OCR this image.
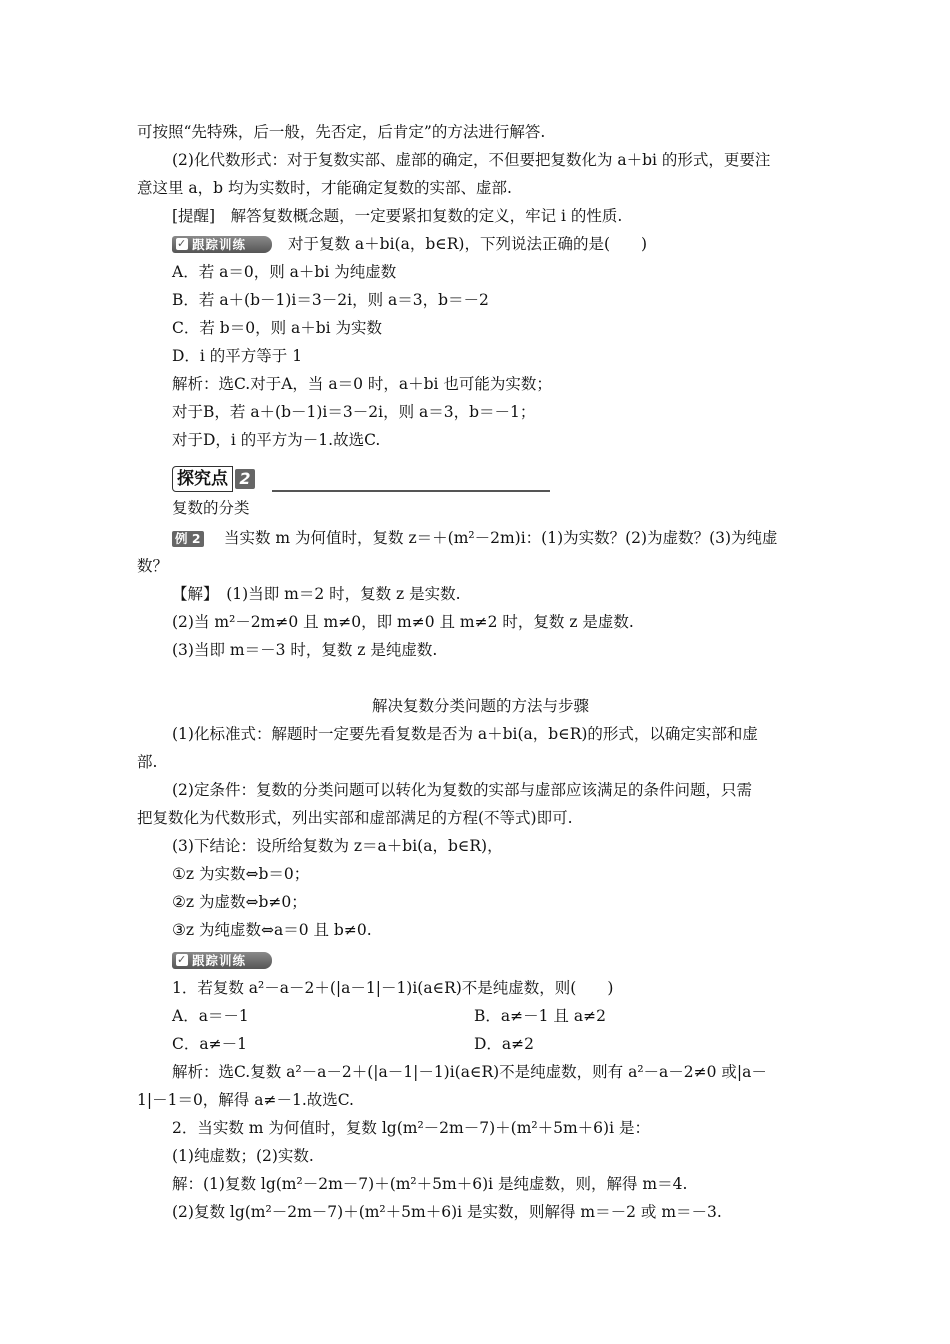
可按照“先特殊，后一般，先否定，后肯定”的方法进行解答.
(2)化代数形式：对于复数实部、虚部的确定，不但要把复数化为 a＋bi 的形式，更要注
意这里 a，b 均为实数时，才能确定复数的实部、虚部.
[提醒]　解答复数概念题，一定要紧扣复数的定义，牢记 i 的性质.
✓跟踪训练	对于复数 a＋bi(a，b∈R)，下列说法正确的是(　　)
A．若 a＝0，则 a＋bi 为纯虚数
B．若 a＋(b－1)i＝3－2i，则 a＝3，b＝－2
C．若 b＝0，则 a＋bi 为实数
D．i 的平方等于 1
解析：选C.对于A，当 a＝0 时，a＋bi 也可能为实数；
对于B，若 a＋(b－1)i＝3－2i，则 a＝3，b＝－1；
对于D，i 的平方为－1.故选C.
探究点 2
复数的分类
例 2 当实数 m 为何值时，复数 z＝＋(m²－2m)i：(1)为实数？(2)为虚数？(3)为纯虚
数？
【解】　(1)当即 m＝2 时，复数 z 是实数.
(2)当 m²－2m≠0 且 m≠0，即 m≠0 且 m≠2 时，复数 z 是虚数.
(3)当即 m＝－3 时，复数 z 是纯虚数.
解决复数分类问题的方法与步骤
(1)化标准式：解题时一定要先看复数是否为 a＋bi(a，b∈R)的形式，以确定实部和虚
部.
(2)定条件：复数的分类问题可以转化为复数的实部与虚部应该满足的条件问题，只需
把复数化为代数形式，列出实部和虚部满足的方程(不等式)即可.
(3)下结论：设所给复数为 z＝a＋bi(a，b∈R)，
①z 为实数⇔b＝0；
②z 为虚数⇔b≠0；
③z 为纯虚数⇔a＝0 且 b≠0.
✓跟踪训练
1．若复数 a²－a－2＋(|a－1|－1)i(a∈R)不是纯虚数，则(　　)
A．a＝－1	B．a≠－1 且 a≠2
C．a≠－1	D．a≠2
解析：选C.复数 a²－a－2＋(|a－1|－1)i(a∈R)不是纯虚数，则有 a²－a－2≠0 或|a－
1|－1＝0，解得 a≠－1.故选C.
2．当实数 m 为何值时，复数 lg(m²－2m－7)＋(m²＋5m＋6)i 是：
(1)纯虚数；(2)实数.
解：(1)复数 lg(m²－2m－7)＋(m²＋5m＋6)i 是纯虚数，则，解得 m＝4.
(2)复数 lg(m²－2m－7)＋(m²＋5m＋6)i 是实数，则解得 m＝－2 或 m＝－3.
